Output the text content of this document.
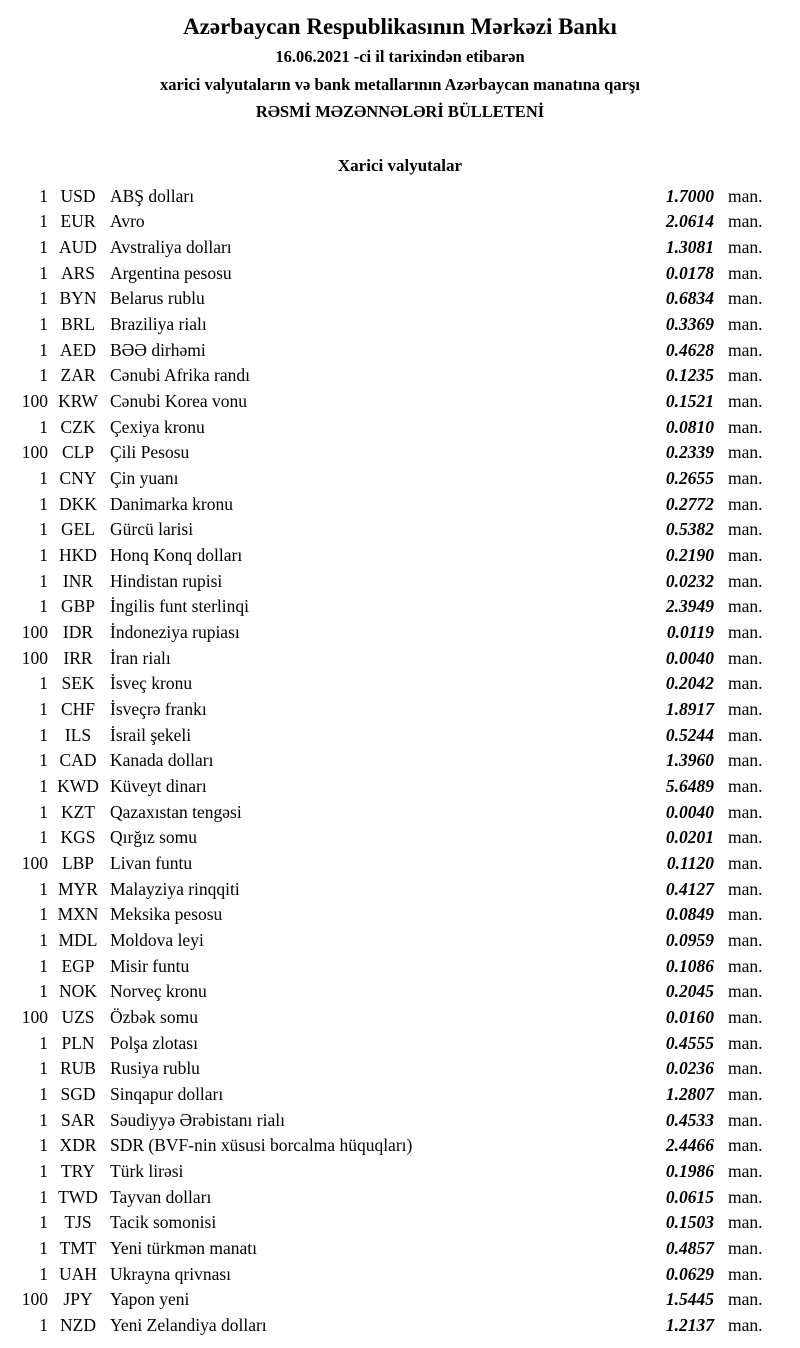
Azərbaycan Respublikasının Mərkəzi Bankı

16.06.2021 -ci il tarixindən etibarən

xarici valyutaların və bank metallarının Azərbaycan manatına qarşı

RƏSMİ MƏZƏNNƏLƏRİ BÜLLETENİ

Xarici valyutalar
1 USD ABŞ dolları	1.7000 man.
1 EUR Avro	2.0614 man.
1 AUD Avstraliya dolları	1.3081 man.
1 ARS Argentina pesosu	0.0178 man.
1 BYN Belarus rublu	0.6834 man.
1 BRL Braziliya rialı	0.3369 man.
1 AED BƏƏ dirhəmi	0.4628 man.
1 ZAR Cənubi Afrika randı	0.1235 man.
100 KRW Cənubi Korea vonu	0.1521 man.
1 CZK Çexiya kronu	0.0810 man.
100 CLP Çili Pesosu	0.2339 man.
1 CNY Çin yuanı	0.2655 man.
1 DKK Danimarka kronu	0.2772 man.
1 GEL Gürcü larisi	0.5382 man.
1 HKD Honq Konq dolları	0.2190 man.
1 INR Hindistan rupisi	0.0232 man.
1 GBP İngilis funt sterlinqi	2.3949 man.
100 IDR İndoneziya rupiası	0.0119 man.
100 IRR İran rialı	0.0040 man.
1 SEK İsveç kronu	0.2042 man.
1 CHF İsveçrə frankı	1.8917 man.
1 ILS	İsrail şekeli	0.5244 man.
1 CAD Kanada dolları	1.3960 man.
1 KWD Küveyt dinarı	5.6489 man.
1 KZT Qazaxıstan tengəsi	0.0040 man.
1 KGS Qırğız somu	0.0201 man.
100 LBP Livan funtu	0.1120 man.
1 MYR Malayziya rinqqiti	0.4127 man.
1 MXN Meksika pesosu	0.0849 man.
1 MDL Moldova leyi	0.0959 man.
1 EGP Misir funtu	0.1086 man.
1 NOK Norveç kronu	0.2045 man.
100 UZS Özbək somu	0.0160 man.
1 PLN Polşa zlotası	0.4555 man.
1 RUB Rusiya rublu	0.0236 man.
1 SGD Sinqapur dolları	1.2807 man.
1 SAR Səudiyyə Ərəbistanı rialı	0.4533 man.
1 XDR SDR (BVF-nin xüsusi borcalma hüquqları)	2.4466 man.
1 TRY Türk lirəsi	0.1986 man.
1 TWD Tayvan dolları	0.0615 man.
1 TJS	Tacik somonisi	0.1503 man.
1 TMT Yeni türkmən manatı	0.4857 man.
1 UAH Ukrayna qrivnası	0.0629 man.
100 JPY Yapon yeni	1.5445 man.
1 NZD Yeni Zelandiya dolları	1.2137 man.
